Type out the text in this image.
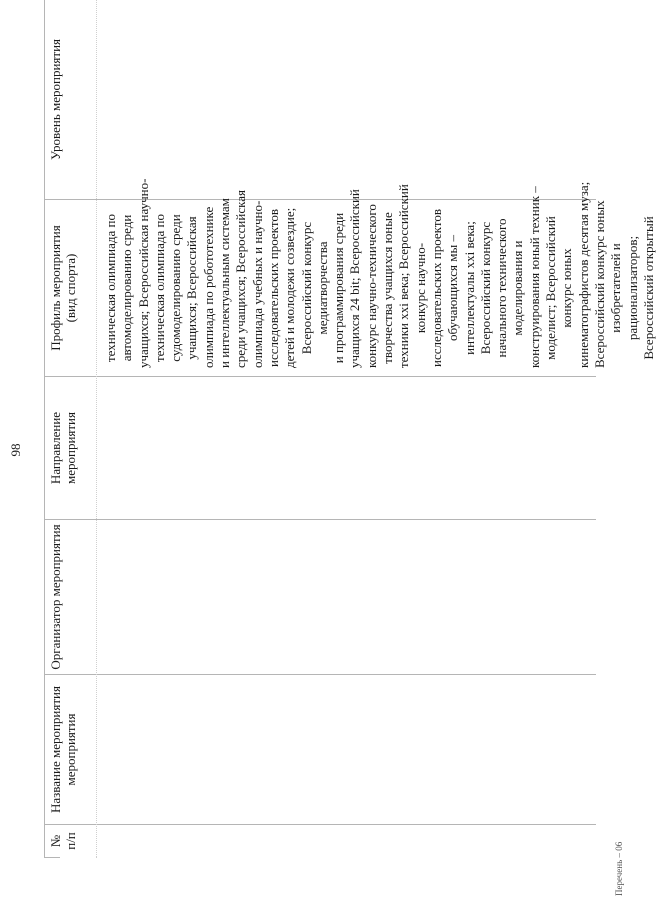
98
№ п/п
Название мероприятия мероприятия
Организатор мероприятия
Направление мероприятия
Профиль мероприятия (вид спорта)
Уровень мероприятия
техническая олимпиада по автомоделированию среди учащихся; Всероссийская научно- техническая олимпиада по судомоделированию среди учащихся; Всероссийская олимпиада по робототехнике и интеллектуальным системам среди учащихся; Всероссийская олимпиада учебных и научно- исследовательских проектов детей и молодежи созвездие; Всероссийский конкурс медиатворчества и программирования среди учащихся 24 bit; Всероссийский конкурс научно-технического творчества учащихся юные техники xxi века; Всероссийский конкурс научно- исследовательских проектов обучающихся мы – интеллектуалы xxi века; Всероссийский конкурс начального технического моделирования и конструирования юный техник – моделист; Всероссийский конкурс юных кинематографистов десятая муза; Всероссийский конкурс юных изобретателей и рационализаторов; Всероссийский открытый
Перечень – 06
